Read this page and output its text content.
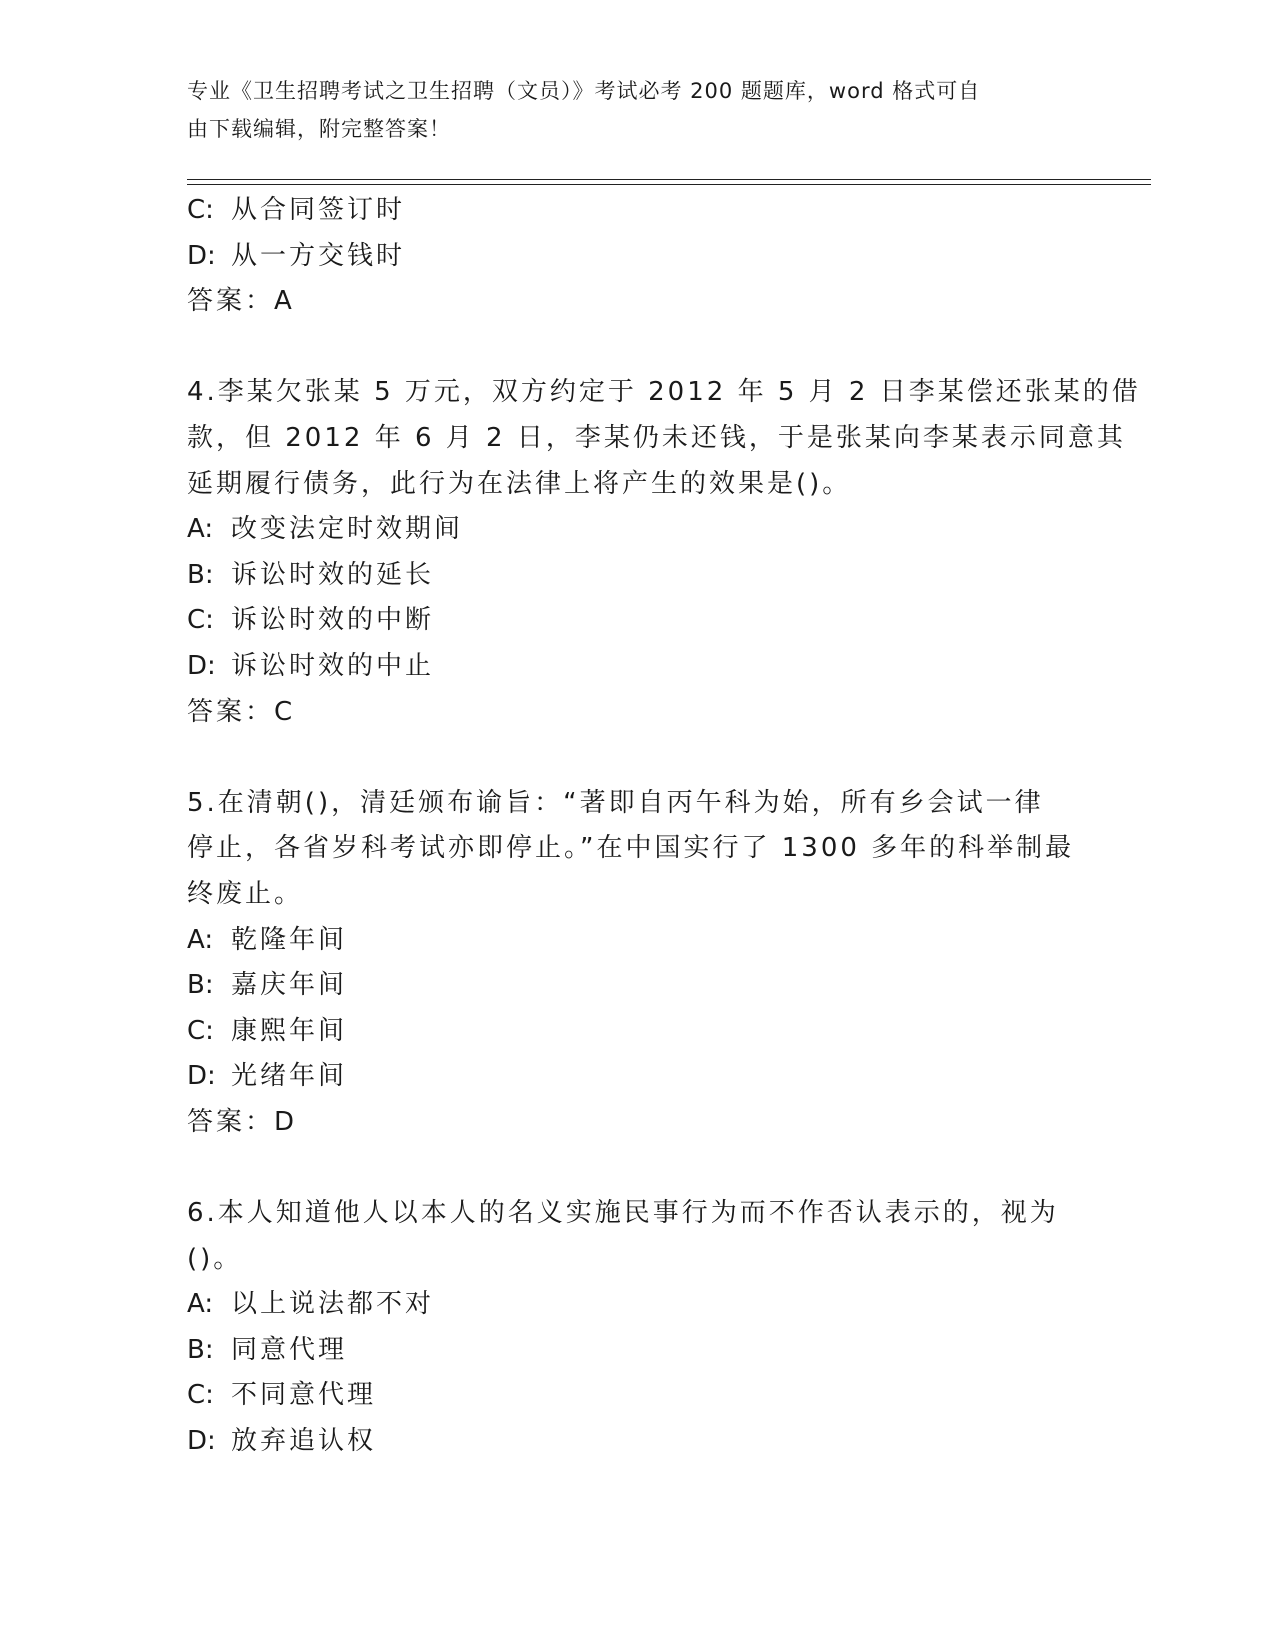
专业《卫生招聘考试之卫生招聘（文员）》考试必考 200 题题库，word 格式可自
由下载编辑，附完整答案！
C: 从合同签订时
D: 从一方交钱时
答案：A
4.李某欠张某 5 万元，双方约定于 2012 年 5 月 2 日李某偿还张某的借
款，但 2012 年 6 月 2 日，李某仍未还钱，于是张某向李某表示同意其
延期履行债务，此行为在法律上将产生的效果是()。
A: 改变法定时效期间
B: 诉讼时效的延长
C: 诉讼时效的中断
D: 诉讼时效的中止
答案：C
5.在清朝()，清廷颁布谕旨：“著即自丙午科为始，所有乡会试一律
停止，各省岁科考试亦即停止。”在中国实行了 1300 多年的科举制最
终废止。
A: 乾隆年间
B: 嘉庆年间
C: 康熙年间
D: 光绪年间
答案：D
6.本人知道他人以本人的名义实施民事行为而不作否认表示的，视为
()。
A: 以上说法都不对
B: 同意代理
C: 不同意代理
D: 放弃追认权
